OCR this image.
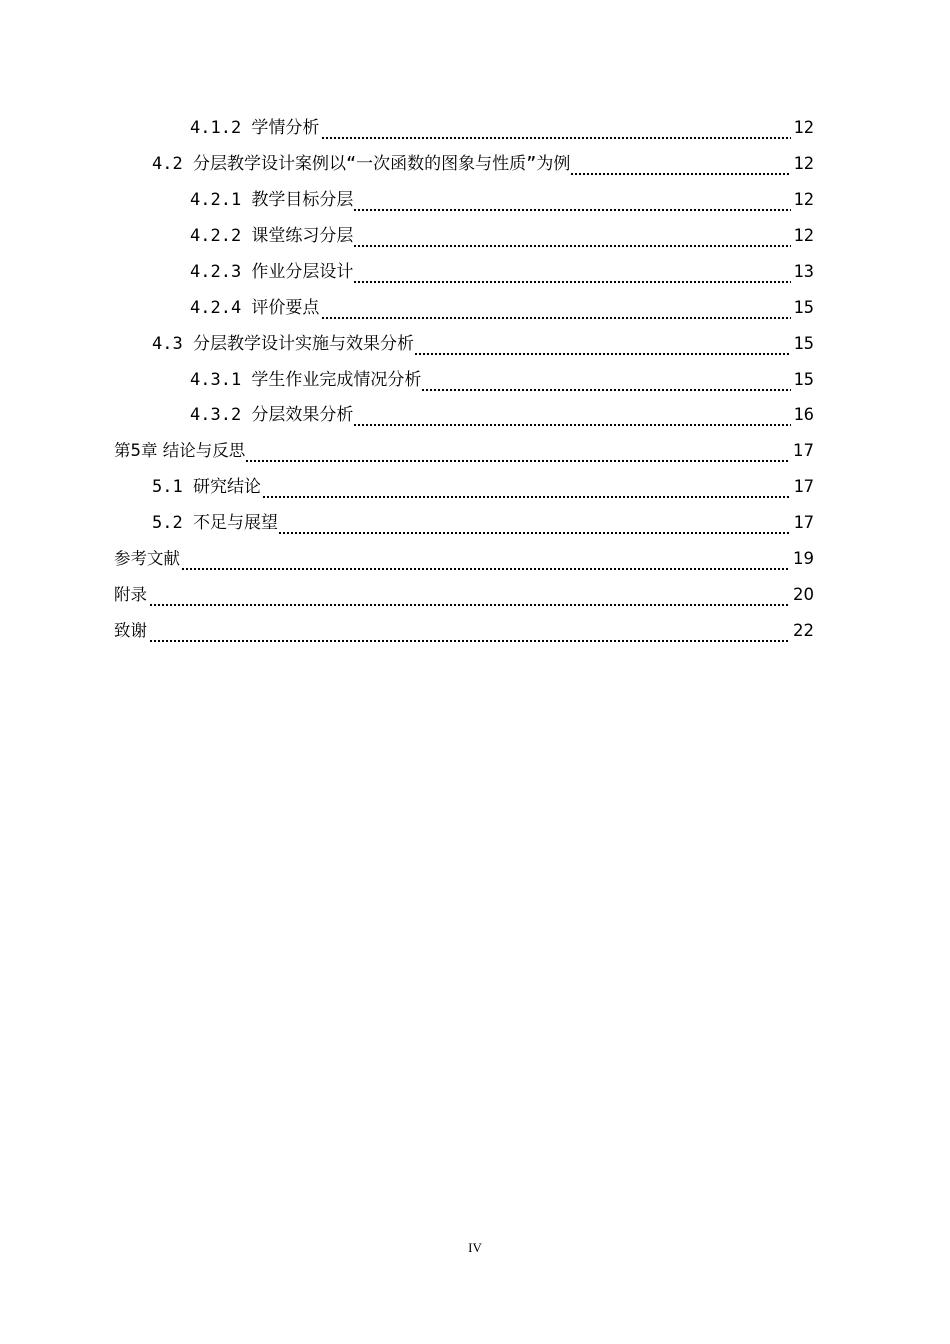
4.1.2 学情分析	12
4.2 分层教学设计案例以“一次函数的图象与性质”为例	12
4.2.1 教学目标分层	12
4.2.2 课堂练习分层	12
4.2.3 作业分层设计	13
4.2.4 评价要点	15
4.3 分层教学设计实施与效果分析	15
4.3.1 学生作业完成情况分析	15
4.3.2 分层效果分析	16
第5章 结论与反思	17
5.1 研究结论	17
5.2 不足与展望	17
参考文献	19
附录	20
致谢	22
IV
